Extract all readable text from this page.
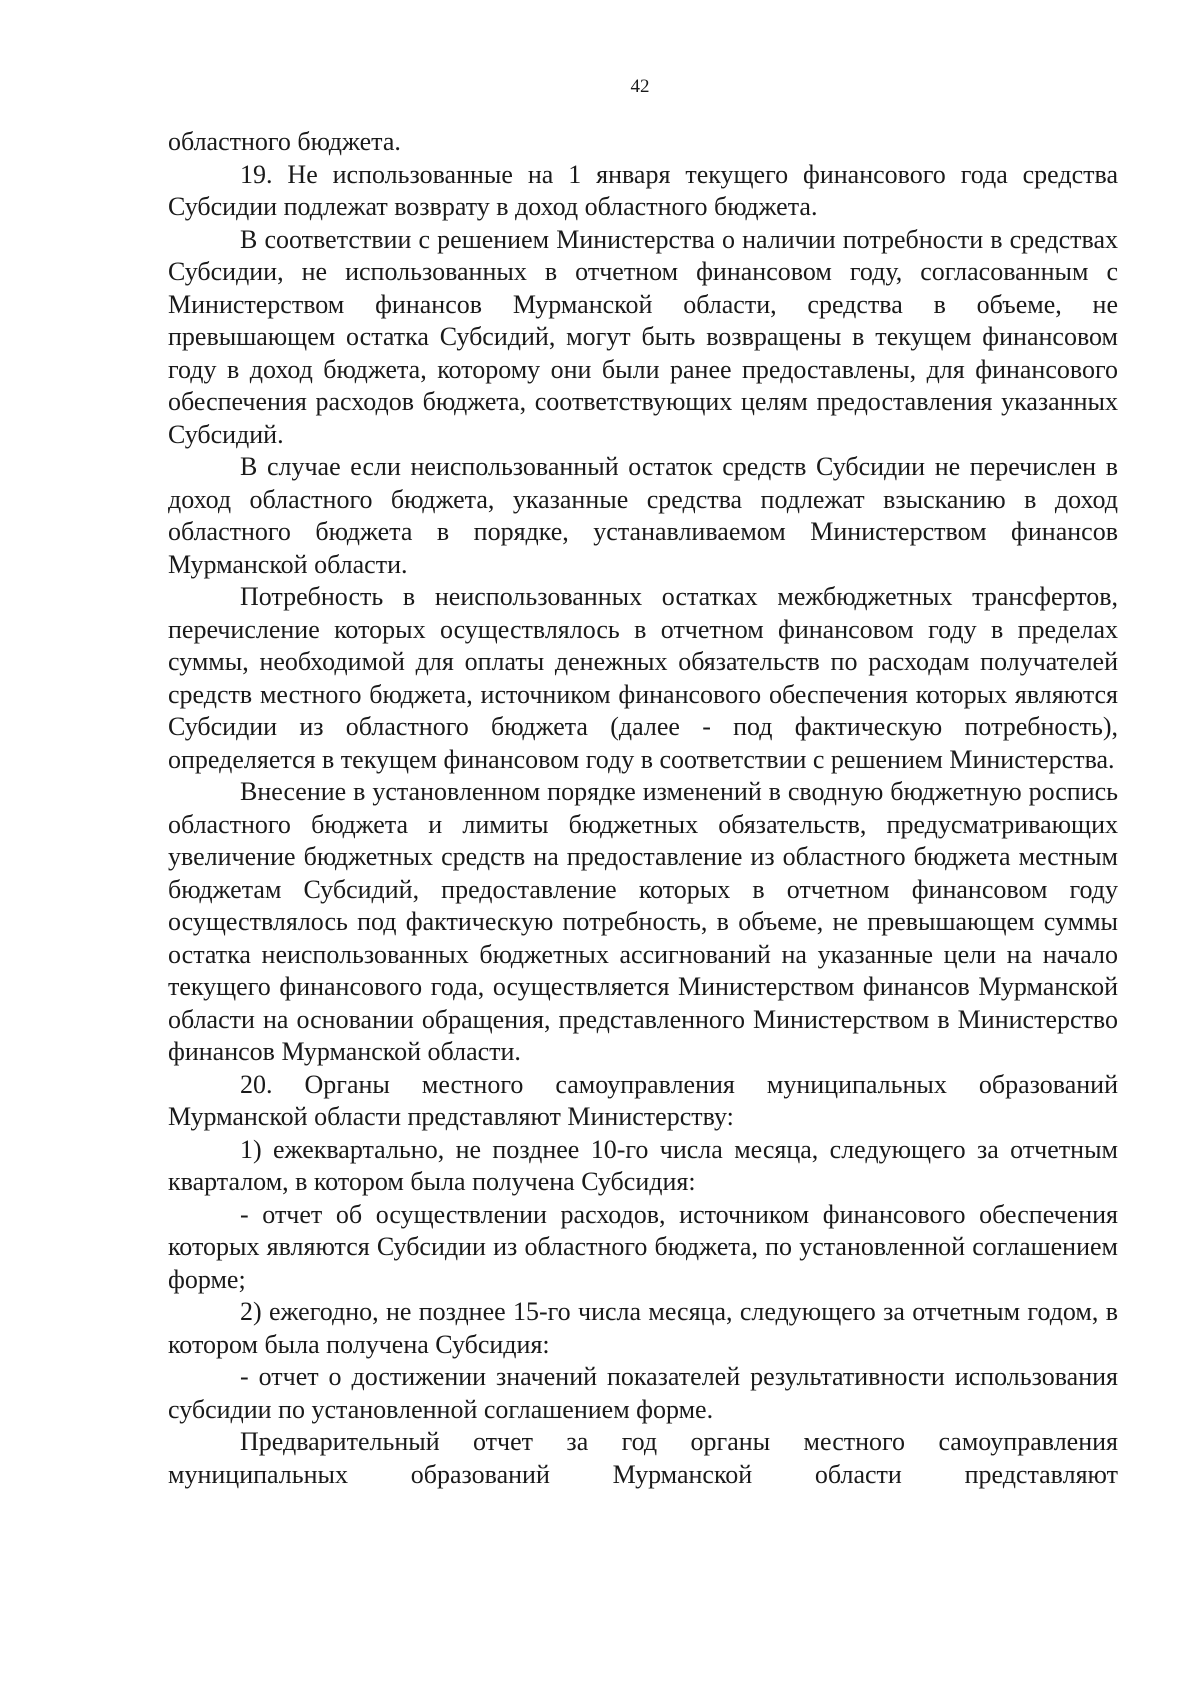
42

областного бюджета.

19. Не использованные на 1 января текущего финансового года средства Субсидии подлежат возврату в доход областного бюджета.

В соответствии с решением Министерства о наличии потребности в средствах Субсидии, не использованных в отчетном финансовом году, согласованным с Министерством финансов Мурманской области, средства в объеме, не превышающем остатка Субсидий, могут быть возвращены в текущем финансовом году в доход бюджета, которому они были ранее предоставлены, для финансового обеспечения расходов бюджета, соответствующих целям предоставления указанных Субсидий.

В случае если неиспользованный остаток средств Субсидии не перечислен в доход областного бюджета, указанные средства подлежат взысканию в доход областного бюджета в порядке, устанавливаемом Министерством финансов Мурманской области.

Потребность в неиспользованных остатках межбюджетных трансфертов, перечисление которых осуществлялось в отчетном финансовом году в пределах суммы, необходимой для оплаты денежных обязательств по расходам получателей средств местного бюджета, источником финансового обеспечения которых являются Субсидии из областного бюджета (далее - под фактическую потребность), определяется в текущем финансовом году в соответствии с решением Министерства.

Внесение в установленном порядке изменений в сводную бюджетную роспись областного бюджета и лимиты бюджетных обязательств, предусматривающих увеличение бюджетных средств на предоставление из областного бюджета местным бюджетам Субсидий, предоставление которых в отчетном финансовом году осуществлялось под фактическую потребность, в объеме, не превышающем суммы остатка неиспользованных бюджетных ассигнований на указанные цели на начало текущего финансового года, осуществляется Министерством финансов Мурманской области на основании обращения, представленного Министерством в Министерство финансов Мурманской области.

20. Органы местного самоуправления муниципальных образований Мурманской области представляют Министерству:

1) ежеквартально, не позднее 10-го числа месяца, следующего за отчетным кварталом, в котором была получена Субсидия:

- отчет об осуществлении расходов, источником финансового обеспечения которых являются Субсидии из областного бюджета, по установленной соглашением форме;

2) ежегодно, не позднее 15-го числа месяца, следующего за отчетным годом, в котором была получена Субсидия:

- отчет о достижении значений показателей результативности использования субсидии по установленной соглашением форме.

Предварительный отчет за год органы местного самоуправления муниципальных образований Мурманской области представляют
